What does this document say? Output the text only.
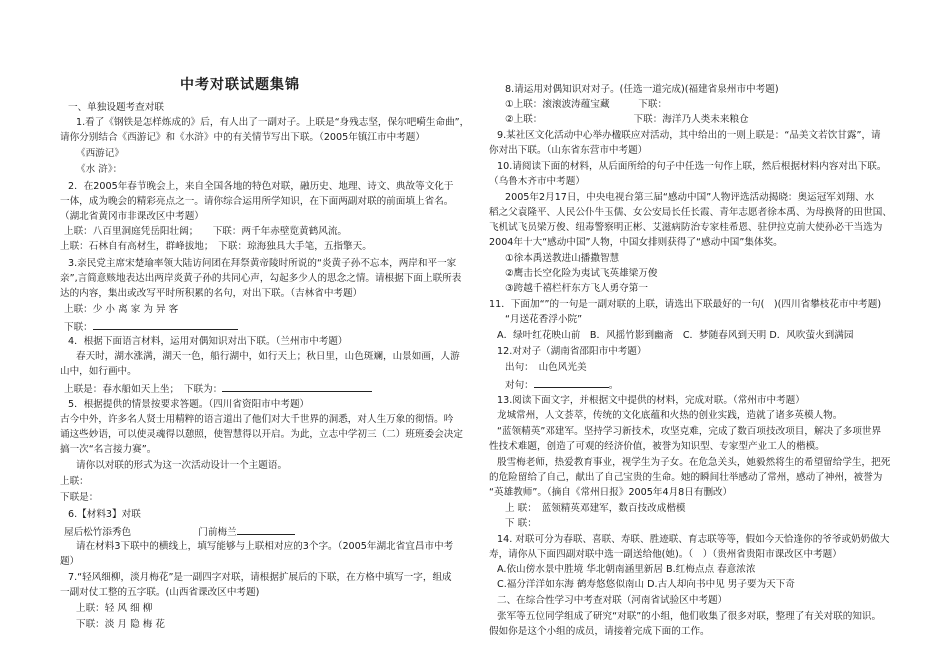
中考对联试题集锦
一、单独设题考查对联
1.看了《钢铁是怎样炼成的》后，有人出了一副对子。上联是“身残志坚，保尔吧嗬生命曲”，
请你分别结合《西游记》和《水浒》中的有关情节写出下联。（2005年镇江市中考题）
《西游记》
《水 浒》：
2．在2005年春节晚会上，来自全国各地的特色对联，融历史、地理、诗文、典故等文化于
一体，成为晚会的精彩亮点之一。请你综合运用所学知识，在下面两副对联的前面填上省名。
（湖北省黄冈市非课改区中考题）
上联：八百里洞庭凭岳阳壮阔；　　下联：两千年赤壁览黄鹤风流。
上联：石林自有高材生，群峰拔地；　下联：琼海独具大手笔，五指擎天。
3.亲民党主席宋楚瑜率领大陆访问团在拜祭黄帝陵时所说的“炎黄子孙不忘本，两岸和平一家
亲”,言简意赅地表达出两岸炎黄子孙的共同心声，勾起多少人的思念之情。请根据下面上联所表
达的内容，集出或改写平时所积累的名句，对出下联。（吉林省中考题）
上联：少 小 离 家 为 异 客
下联：
4．根据下面语言材料，运用对偶知识对出下联。（兰州市中考题）
春天时，湖水涨满，湖天一色，船行湖中，如行天上；秋日里，山色斑斓，山景如画，人游
山中，如行画中。
上联是：春水船如天上坐；　下联为：
5．根据提供的情景按要求答题。（四川省资阳市中考题）
古今中外，许多名人贤士用精粹的语言道出了他们对大千世界的洞悉，对人生万象的彻悟。吟
诵这些妙语，可以使灵魂得以憩照，使智慧得以开启。为此，立志中学初三（二）班班委会决定
搞一次“名言接力赛”。
请你以对联的形式为这一次活动设计一个主题语。
上联：
下联是：
6.【材料3】对联
屋后松竹添秀色　　　　　　　门前梅兰
请在材料3下联中的横线上，填写能够与上联相对应的3个字。（2005年湖北省宜昌市中考
题）
7.“轻风细柳，淡月梅花”是一副四字对联，请根据扩展后的下联，在方格中填写一字，组成
一副对仗工整的五字联。(山西省课改区中考题)
上联：轻 风 细 柳
下联：淡 月 隐 梅 花
8.请运用对偶知识对对子。(任选一道完成)(福建省泉州市中考题)
①上联：滚滚波涛蕴宝藏　　　下联：
②上联：　　　　　　　　　　下联：海洋乃人类未来粮仓
9.某社区文化活动中心举办楹联应对活动，其中给出的一则上联是：“品美文若饮甘露”，请
你对出下联。（山东省东营市中考题）
10.请阅读下面的材料，从后面所给的句子中任选一句作上联，然后根据材料内容对出下联。
（乌鲁木齐市中考题）
2005年2月17日，中央电视台第三届“感动中国”人物评选活动揭晓：奥运冠军刘翔、水
稻之父袁隆平、人民公仆牛玉儒、女公安局长任长霞、青年志愿者徐本禹、为母换肾的田世国、
飞机试飞员梁万俊、纽毒警察明正彬、艾滋病防治专家桂希恩、驻伊拉克前大使孙必干当选为
2004年十大“感动中国”人物，中国女排则获得了“感动中国”集体奖。
①徐本禹送教进山播撒智慧
②鹰击长空化险为夷试飞英雄梁万俊
③跨越千禧栏杆东方飞人勇夺第一
11．下面加“”的一句是一副对联的上联，请选出下联最好的一句(　)(四川省攀枝花市中考题)
“月送花香浮小院”
A．绿叶红花映山前　B．风摇竹影到幽斋　C．梦随春风到天明 D．风吹萤火到满园
12.对对子（湖南省邵阳市中考题）
出句：　山色风光美
对句：	。
13.阅读下面文字，并根据文中提供的材料，完成对联。（常州市中考题）
龙城常州，人文荟萃，传统的文化底蕴和火热的创业实践，造就了诸多英模人物。
“蓝领精英”邓建军。坚持学习新技术，攻坚克难，完成了数百项技改项目，解决了多项世界
性技术难题，创造了可观的经济价值，被誉为知识型、专家型产业工人的楷模。
殷雪梅老师，热爱教育事业，视学生为子女。在危急关头，她毅然将生的希望留给学生，把死
的危险留给了自己，献出了自己宝贵的生命。她的瞬间壮举感动了常州，感动了神州，被誉为
“英雄教师”。（摘自《常州日报》2005年4月8日有删改）
上 联：　蓝领精英邓建军，数百技改成楷模
下 联：
14. 对联可分为春联、喜联、寿联、胜迹联、育志联等等，假如今天恰逢你的爷爷或奶奶做大
寿，请你从下面四副对联中选一副送给他(她)。（　）（贵州省贵阳市课改区中考题）
A.依山傍水景中胜境 华北朝南涵里新居 B.红梅点点 春意浓浓
C.福分洋洋如东海 鹤寿悠悠似南山 D.古人却向书中见 男子要为天下奇
二、在综合性学习中考查对联（河南省试验区中考题）
张军等五位同学组成了研究“对联”的小组，他们收集了很多对联，整理了有关对联的知识。
假如你是这个小组的成员，请接着完成下面的工作。
